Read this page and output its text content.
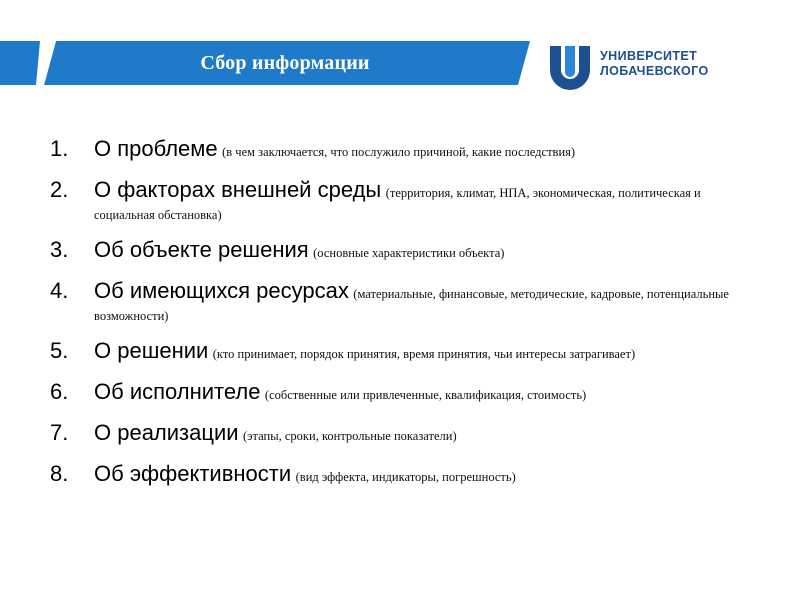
Сбор информации	УНИВЕРСИТЕТ
ЛОБАЧЕВСКОГО
1.	О проблеме (в чем заключается, что послужило причиной, какие последствия)
2.	О факторах внешней среды (территория, климат, НПА, экономическая, политическая и социальная обстановка)
3.	Об объекте решения (основные характеристики объекта)
4.	Об имеющихся ресурсах (материальные, финансовые, методические, кадровые, потенциальные возможности)
5.	О решении (кто принимает, порядок принятия, время принятия, чьи интересы затрагивает)
6.	Об исполнителе (собственные или привлеченные, квалификация, стоимость)
7.	О реализации (этапы, сроки, контрольные показатели)
8.	Об эффективности (вид эффекта, индикаторы, погрешность)
